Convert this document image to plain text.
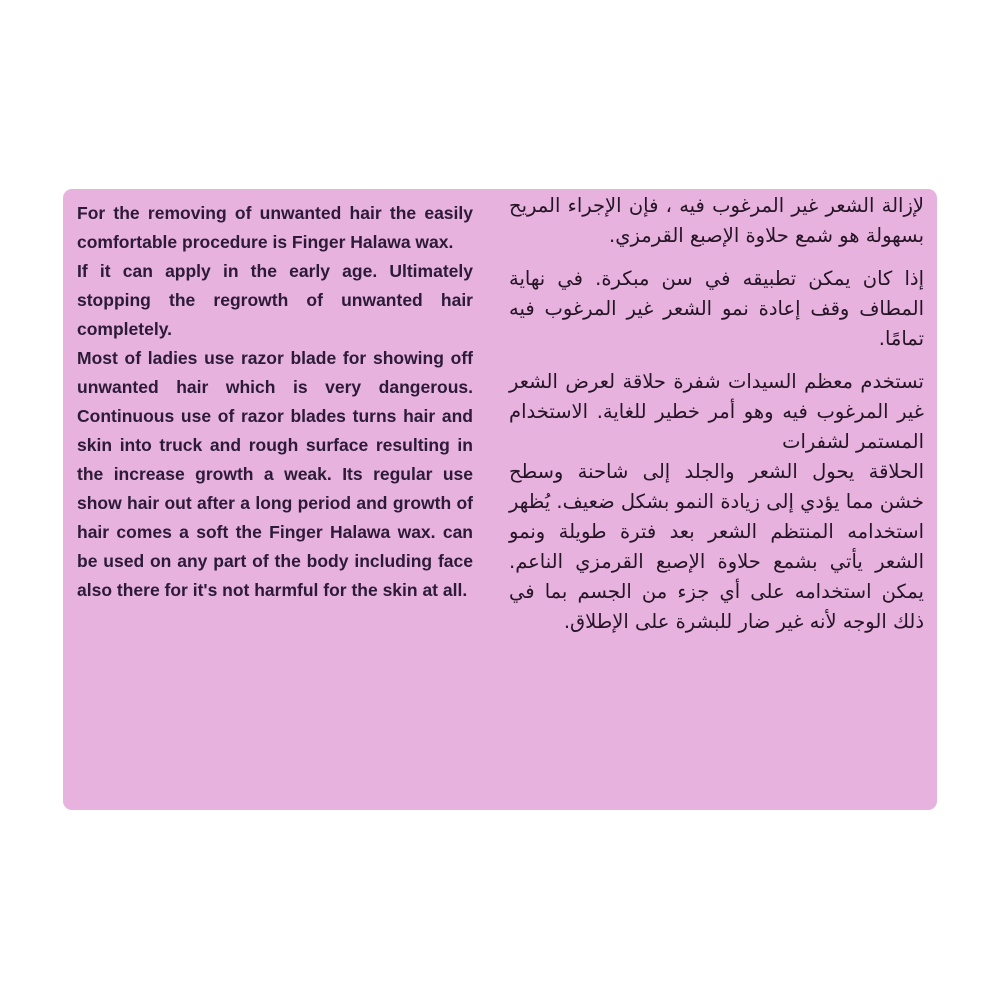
For the removing of unwanted hair the easily comfortable procedure is Finger Halawa wax.

If it can apply in the early age. Ultimately stopping the regrowth of unwanted hair completely.

Most of ladies use razor blade for showing off unwanted hair which is very dangerous. Continuous use of razor blades turns hair and skin into truck and rough surface resulting in the increase growth a weak. Its regular use show hair out after a long period and growth of hair comes a soft the Finger Halawa wax. can be used on any part of the body including face also there for it's not harmful for the skin at all.

لإزالة الشعر غير المرغوب فيه ، فإن الإجراء المريح بسهولة هو شمع حلاوة الإصبع القرمزي.

إذا كان يمكن تطبيقه في سن مبكرة. في نهاية المطاف وقف إعادة نمو الشعر غير المرغوب فيه تمامًا.

تستخدم معظم السيدات شفرة حلاقة لعرض الشعر غير المرغوب فيه وهو أمر خطير للغاية. الاستخدام المستمر لشفرات

الحلاقة يحول الشعر والجلد إلى شاحنة وسطح خشن مما يؤدي إلى زيادة النمو بشكل ضعيف. يُظهر استخدامه المنتظم الشعر بعد فترة طويلة ونمو الشعر يأتي بشمع حلاوة الإصبع القرمزي الناعم. يمكن استخدامه على أي جزء من الجسم بما في ذلك الوجه لأنه غير ضار للبشرة على الإطلاق.
